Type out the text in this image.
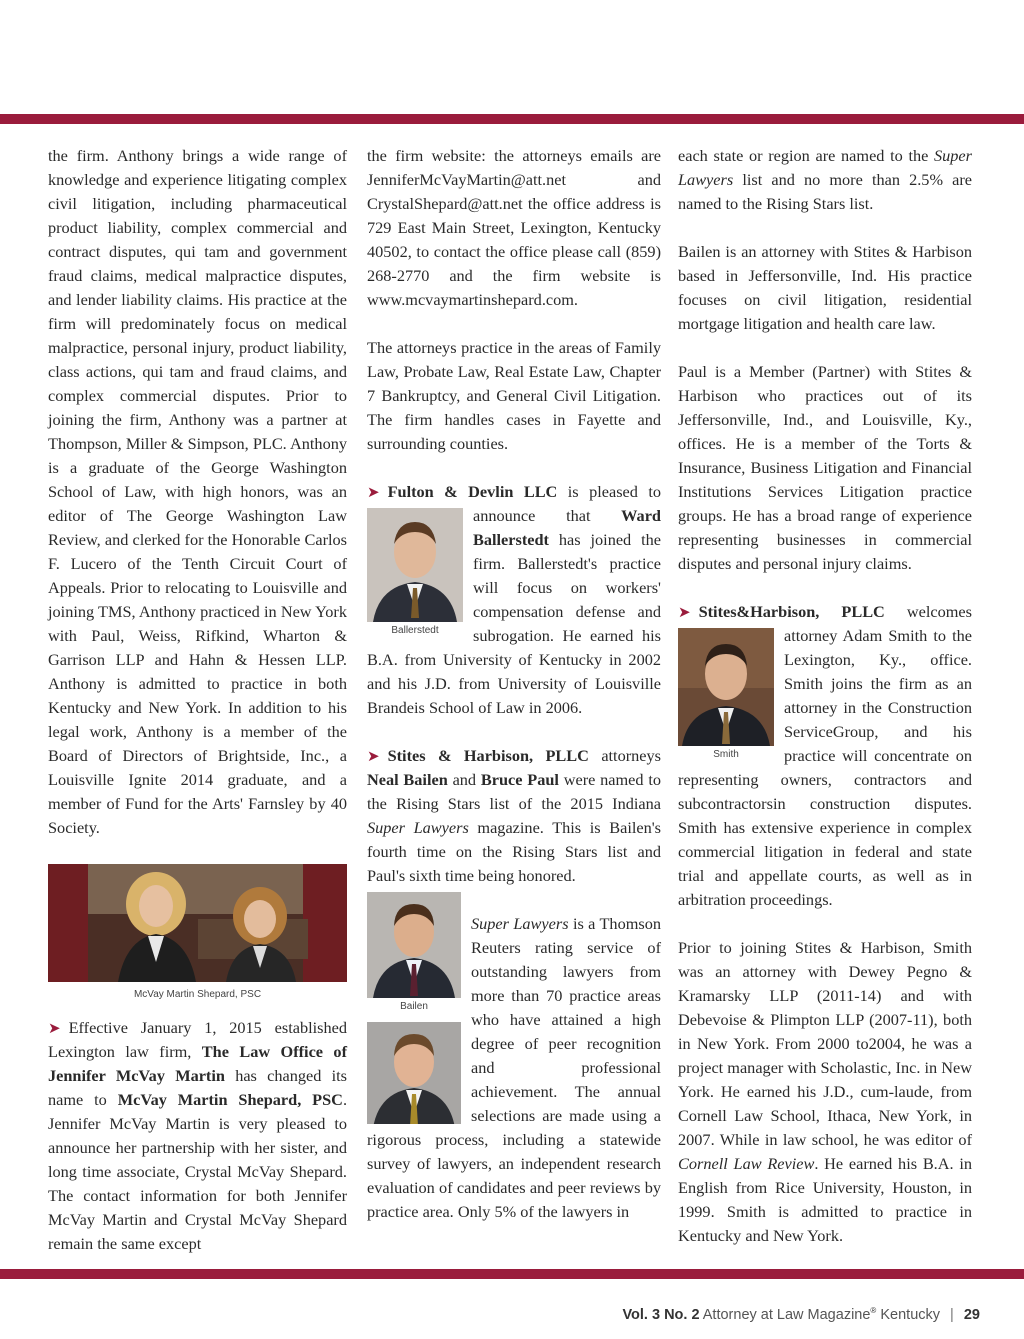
the firm. Anthony brings a wide range of knowledge and experience litigating complex civil litigation, including pharmaceutical product liability, complex commercial and contract disputes, qui tam and government fraud claims, medical malpractice disputes, and lender liability claims. His practice at the firm will predominately focus on medical malpractice, personal injury, product liability, class actions, qui tam and fraud claims, and complex commercial disputes. Prior to joining the firm, Anthony was a partner at Thompson, Miller & Simpson, PLC. Anthony is a graduate of the George Washington School of Law, with high honors, was an editor of The George Washington Law Review, and clerked for the Honorable Carlos F. Lucero of the Tenth Circuit Court of Appeals. Prior to relocating to Louisville and joining TMS, Anthony practiced in New York with Paul, Weiss, Rifkind, Wharton & Garrison LLP and Hahn & Hessen LLP. Anthony is admitted to practice in both Kentucky and New York. In addition to his legal work, Anthony is a member of the Board of Directors of Brightside, Inc., a Louisville Ignite 2014 graduate, and a member of Fund for the Arts' Farnsley by 40 Society.

McVay Martin Shepard, PSC

➤ Effective January 1, 2015 established Lexington law firm, The Law Office of Jennifer McVay Martin has changed its name to McVay Martin Shepard, PSC. Jennifer McVay Martin is very pleased to announce her partnership with her sister, and long time associate, Crystal McVay Shepard. The contact information for both Jennifer McVay Martin and Crystal McVay Shepard remain the same except

the firm website: the attorneys emails are JenniferMcVayMartin@att.net and CrystalShepard@att.net the office address is 729 East Main Street, Lexington, Kentucky 40502, to contact the office please call (859) 268-2770 and the firm website is www.mcvaymartinshepard.com.

The attorneys practice in the areas of Family Law, Probate Law, Real Estate Law, Chapter 7 Bankruptcy, and General Civil Litigation. The firm handles cases in Fayette and surrounding counties.

➤ Fulton & Devlin LLC is pleased to announce that
Ballerstedt
Ward Ballerstedt has joined the firm. Ballerstedt's practice will focus on workers' compensation defense and subrogation. He earned his B.A. from University of Kentucky in 2002 and his J.D. from University of Louisville Brandeis School of Law in 2006.

➤ Stites & Harbison, PLLC attorneys Neal Bailen and Bruce Paul were named to the Rising Stars list of the 2015 Indiana Super Lawyers magazine. This is Bailen's fourth time on the Rising Stars list and Paul's sixth time being honored.
Bailen

Super Lawyers is a Thomson Reuters rating service of outstanding lawyers from more than 70 practice areas who have attained a high degree of peer recognition and professional achievement. The annual selections are made using a rigorous process, including a statewide survey of lawyers, an independent research evaluation of candidates and peer reviews by practice area. Only 5% of the lawyers in

each state or region are named to the Super Lawyers list and no more than 2.5% are named to the Rising Stars list.

Bailen is an attorney with Stites & Harbison based in Jeffersonville, Ind. His practice focuses on civil litigation, residential mortgage litigation and health care law.

Paul is a Member (Partner) with Stites & Harbison who practices out of its Jeffersonville, Ind., and Louisville, Ky., offices. He is a member of the Torts & Insurance, Business Litigation and Financial Institutions Services Litigation practice groups. He has a broad range of experience representing businesses in commercial disputes and personal injury claims.

➤ Stites&Harbison, PLLC
Smith
welcomes attorney Adam Smith to the Lexington, Ky., office. Smith joins the firm as an attorney in the Construction ServiceGroup, and his practice will concentrate on representing owners, contractors and subcontractorsin construction disputes. Smith has extensive experience in complex commercial litigation in federal and state trial and appellate courts, as well as in arbitration proceedings.

Prior to joining Stites & Harbison, Smith was an attorney with Dewey Pegno & Kramarsky LLP (2011-14) and with Debevoise & Plimpton LLP (2007-11), both in New York. From 2000 to2004, he was a project manager with Scholastic, Inc. in New York. He earned his J.D., cum-laude, from Cornell Law School, Ithaca, New York, in 2007. While in law school, he was editor of Cornell Law Review. He earned his B.A. in English from Rice University, Houston, in 1999. Smith is admitted to practice in Kentucky and New York.

Vol. 3 No. 2 Attorney at Law Magazine® Kentucky | 29
